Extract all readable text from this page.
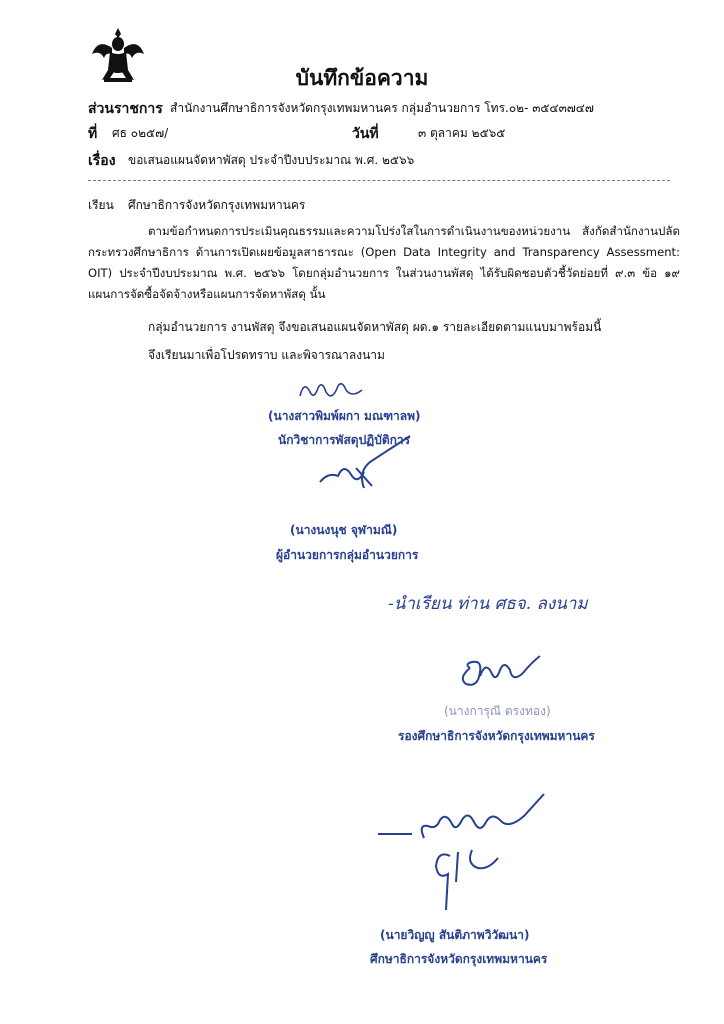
บันทึกข้อความ
ส่วนราชการ สำนักงานศึกษาธิการจังหวัดกรุงเทพมหานคร กลุ่มอำนวยการ โทร.๐๒- ๓๕๔๓๗๔๗
ที่ ศธ ๐๒๕๗/	วันที่	๓ ตุลาคม ๒๕๖๕
เรื่อง ขอเสนอแผนจัดหาพัสดุ ประจำปีงบประมาณ พ.ศ. ๒๕๖๖
เรียน ศึกษาธิการจังหวัดกรุงเทพมหานคร
ตามข้อกำหนดการประเมินคุณธรรมและความโปร่งใสในการดำเนินงานของหน่วยงาน สังกัดสำนักงานปลัดกระทรวงศึกษาธิการ ด้านการเปิดเผยข้อมูลสาธารณะ (Open Data Integrity and Transparency Assessment: OIT) ประจำปีงบประมาณ พ.ศ. ๒๕๖๖ โดยกลุ่มอำนวยการ ในส่วนงานพัสดุ ได้รับผิดชอบตัวชี้วัดย่อยที่ ๙.๓ ข้อ ๑๙ แผนการจัดซื้อจัดจ้างหรือแผนการจัดหาพัสดุ นั้น
กลุ่มอำนวยการ งานพัสดุ จึงขอเสนอแผนจัดหาพัสดุ ผด.๑ รายละเอียดตามแนบมาพร้อมนี้
จึงเรียนมาเพื่อโปรดทราบ และพิจารณาลงนาม
(นางสาวพิมพ์ผกา มณฑาลพ)
นักวิชาการพัสดุปฏิบัติการ
(นางนงนุช จุฬามณี)
ผู้อำนวยการกลุ่มอำนวยการ
-นำเรียน ท่าน ศธจ. ลงนาม
(นางการุณี ตรงทอง)
รองศึกษาธิการจังหวัดกรุงเทพมหานคร
(นายวิญญู สันติภาพวิวัฒนา)
ศึกษาธิการจังหวัดกรุงเทพมหานคร
